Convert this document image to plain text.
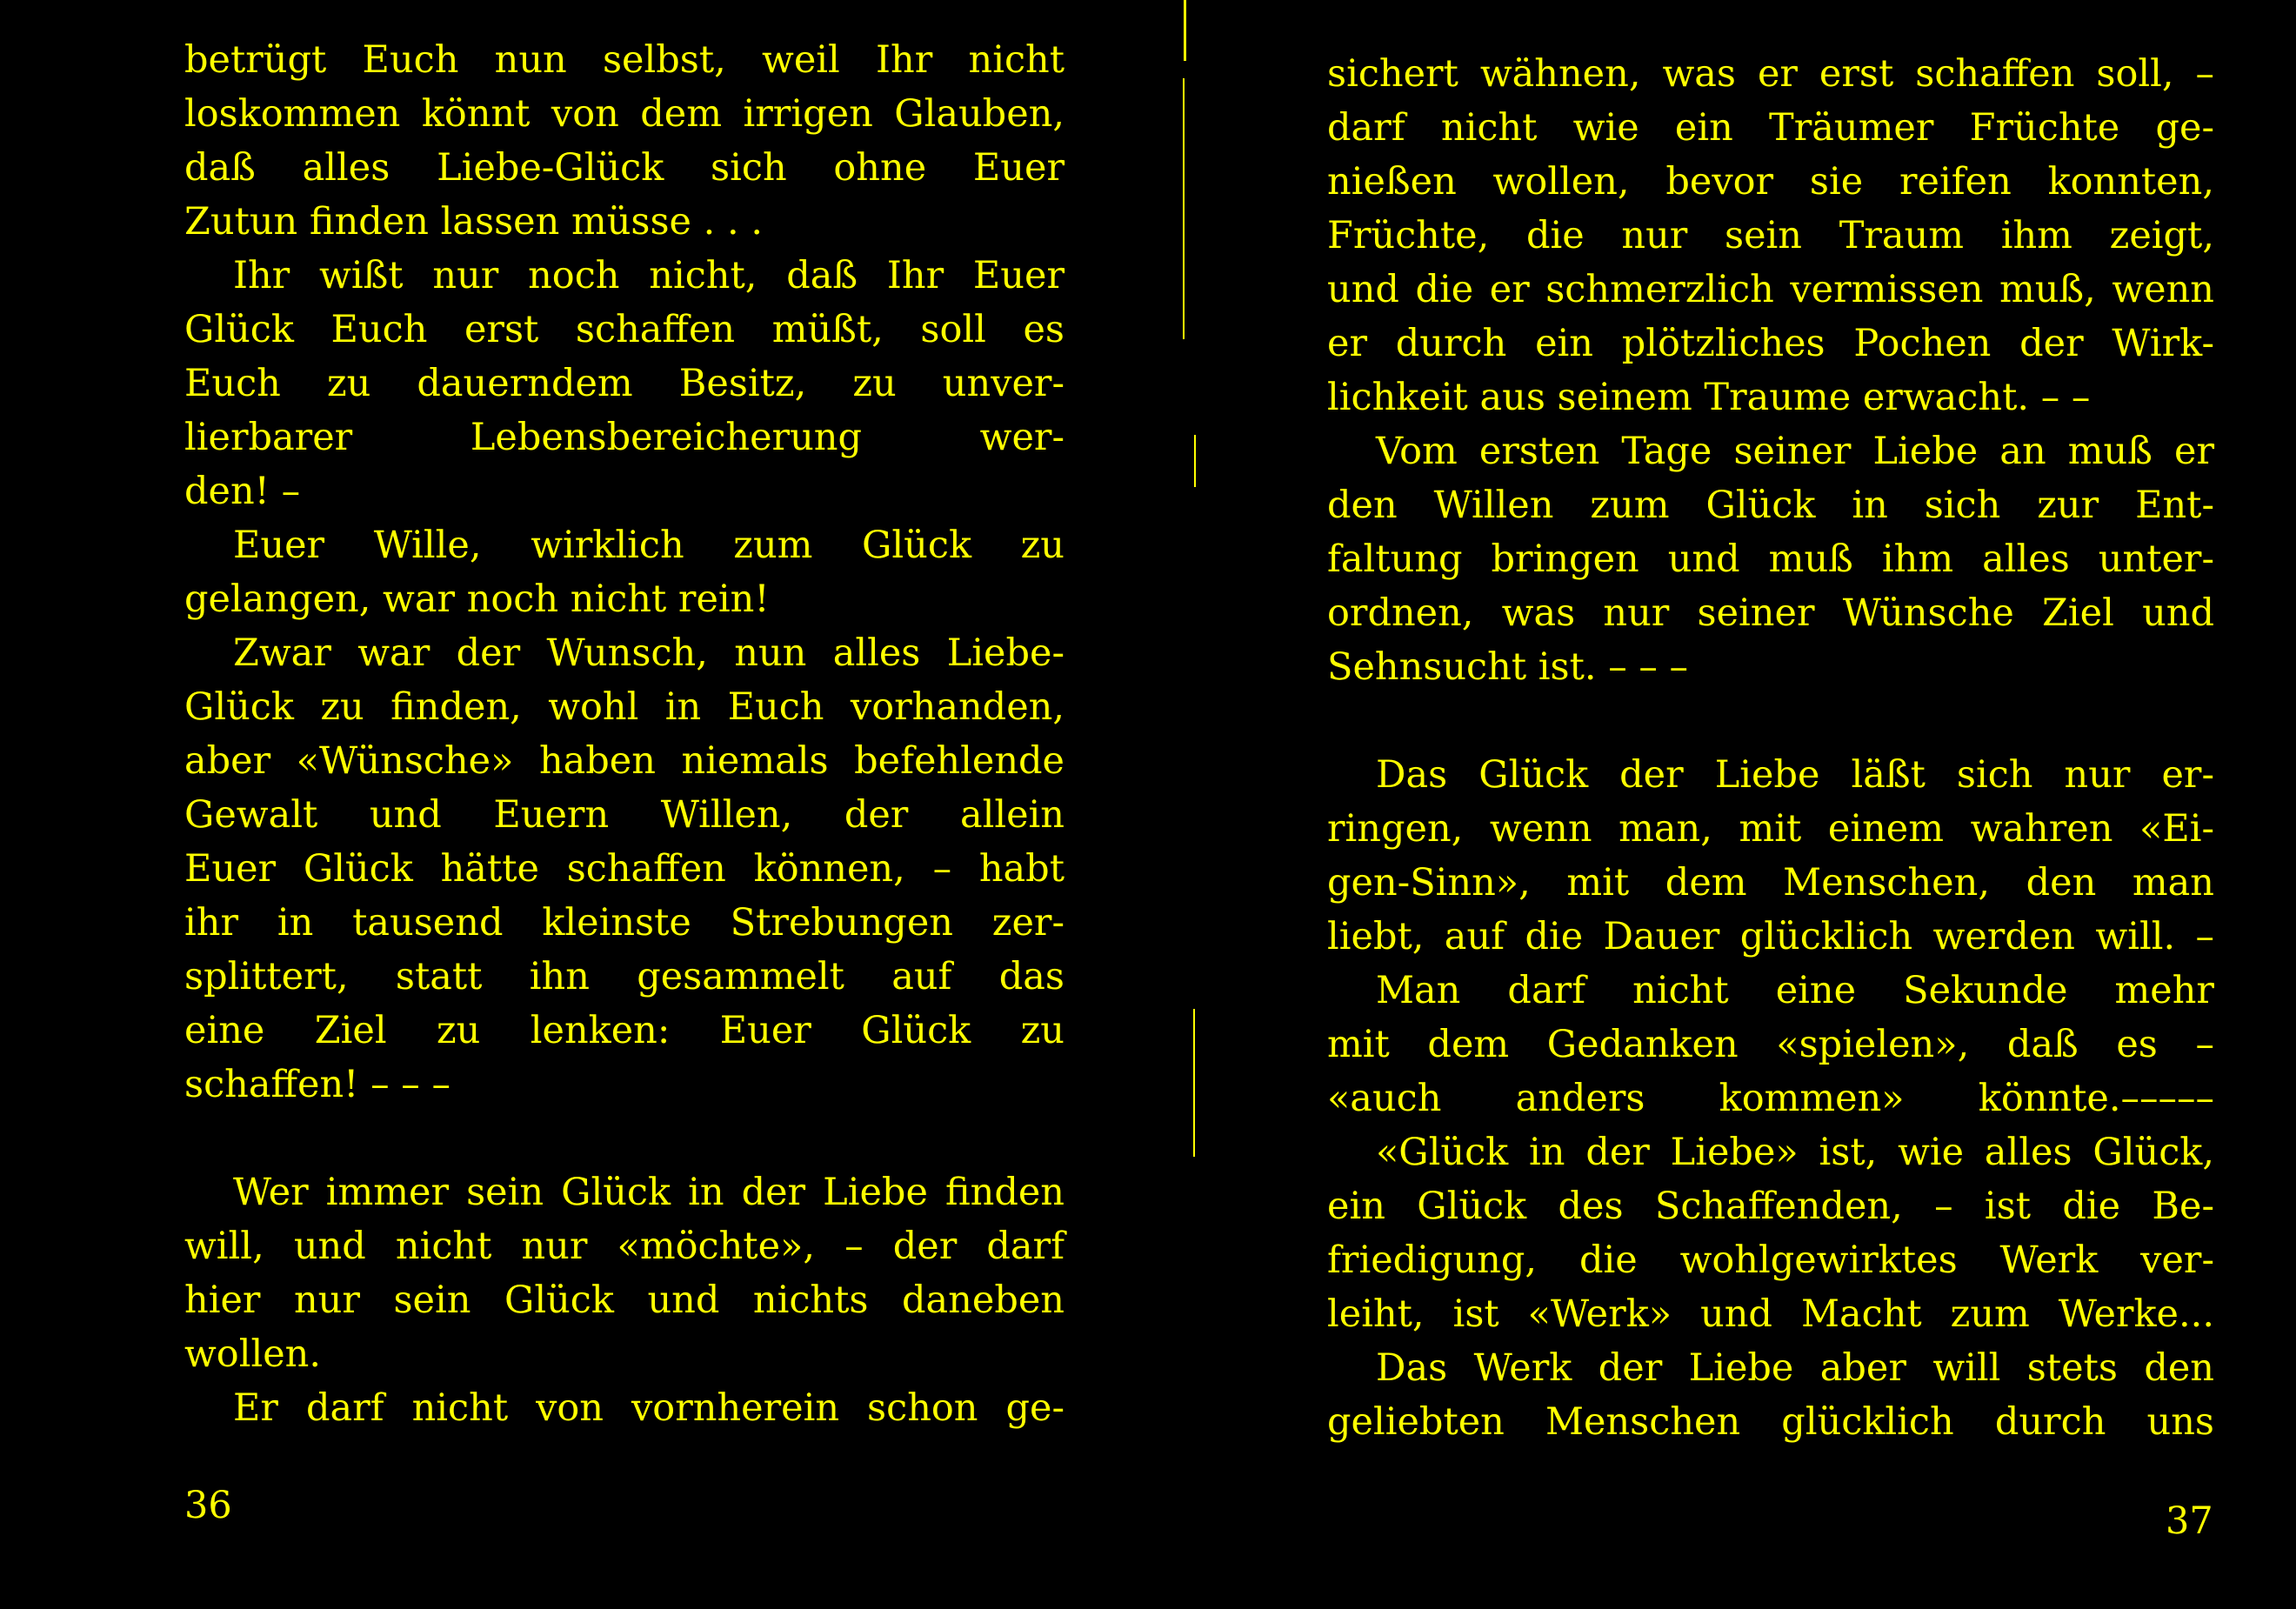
betrügt Euch nun selbst, weil Ihr nicht
loskommen könnt von dem irrigen Glauben,
daß alles Liebe-Glück sich ohne Euer
Zutun finden lassen müsse . . .
Ihr wißt nur noch nicht, daß Ihr Euer
Glück Euch erst schaffen müßt, soll es
Euch zu dauerndem Besitz, zu unver-
lierbarer Lebensbereicherung wer-
den! –
Euer Wille, wirklich zum Glück zu
gelangen, war noch nicht rein!
Zwar war der Wunsch, nun alles Liebe-
Glück zu finden, wohl in Euch vorhanden,
aber «Wünsche» haben niemals befehlende
Gewalt und Euern Willen, der allein
Euer Glück hätte schaffen können, – habt
ihr in tausend kleinste Strebungen zer-
splittert, statt ihn gesammelt auf das
eine Ziel zu lenken: Euer Glück zu
schaffen! – – –
Wer immer sein Glück in der Liebe finden
will, und nicht nur «möchte», – der darf
hier nur sein Glück und nichts daneben
wollen.
Er darf nicht von vornherein schon ge-
36
sichert wähnen, was er erst schaffen soll, –
darf nicht wie ein Träumer Früchte ge-
nießen wollen, bevor sie reifen konnten,
Früchte, die nur sein Traum ihm zeigt,
und die er schmerzlich vermissen muß, wenn
er durch ein plötzliches Pochen der Wirk-
lichkeit aus seinem Traume erwacht. – –
Vom ersten Tage seiner Liebe an muß er
den Willen zum Glück in sich zur Ent-
faltung bringen und muß ihm alles unter-
ordnen, was nur seiner Wünsche Ziel und
Sehnsucht ist. – – –
Das Glück der Liebe läßt sich nur er-
ringen, wenn man, mit einem wahren «Ei-
gen-Sinn», mit dem Menschen, den man
liebt, auf die Dauer glücklich werden will. –
Man darf nicht eine Sekunde mehr
mit dem Gedanken «spielen», daß es –
«auch anders kommen» könnte.–––––
«Glück in der Liebe» ist, wie alles Glück,
ein Glück des Schaffenden, – ist die Be-
friedigung, die wohlgewirktes Werk ver-
leiht, ist «Werk» und Macht zum Werke...
Das Werk der Liebe aber will stets den
geliebten Menschen glücklich durch uns
37
